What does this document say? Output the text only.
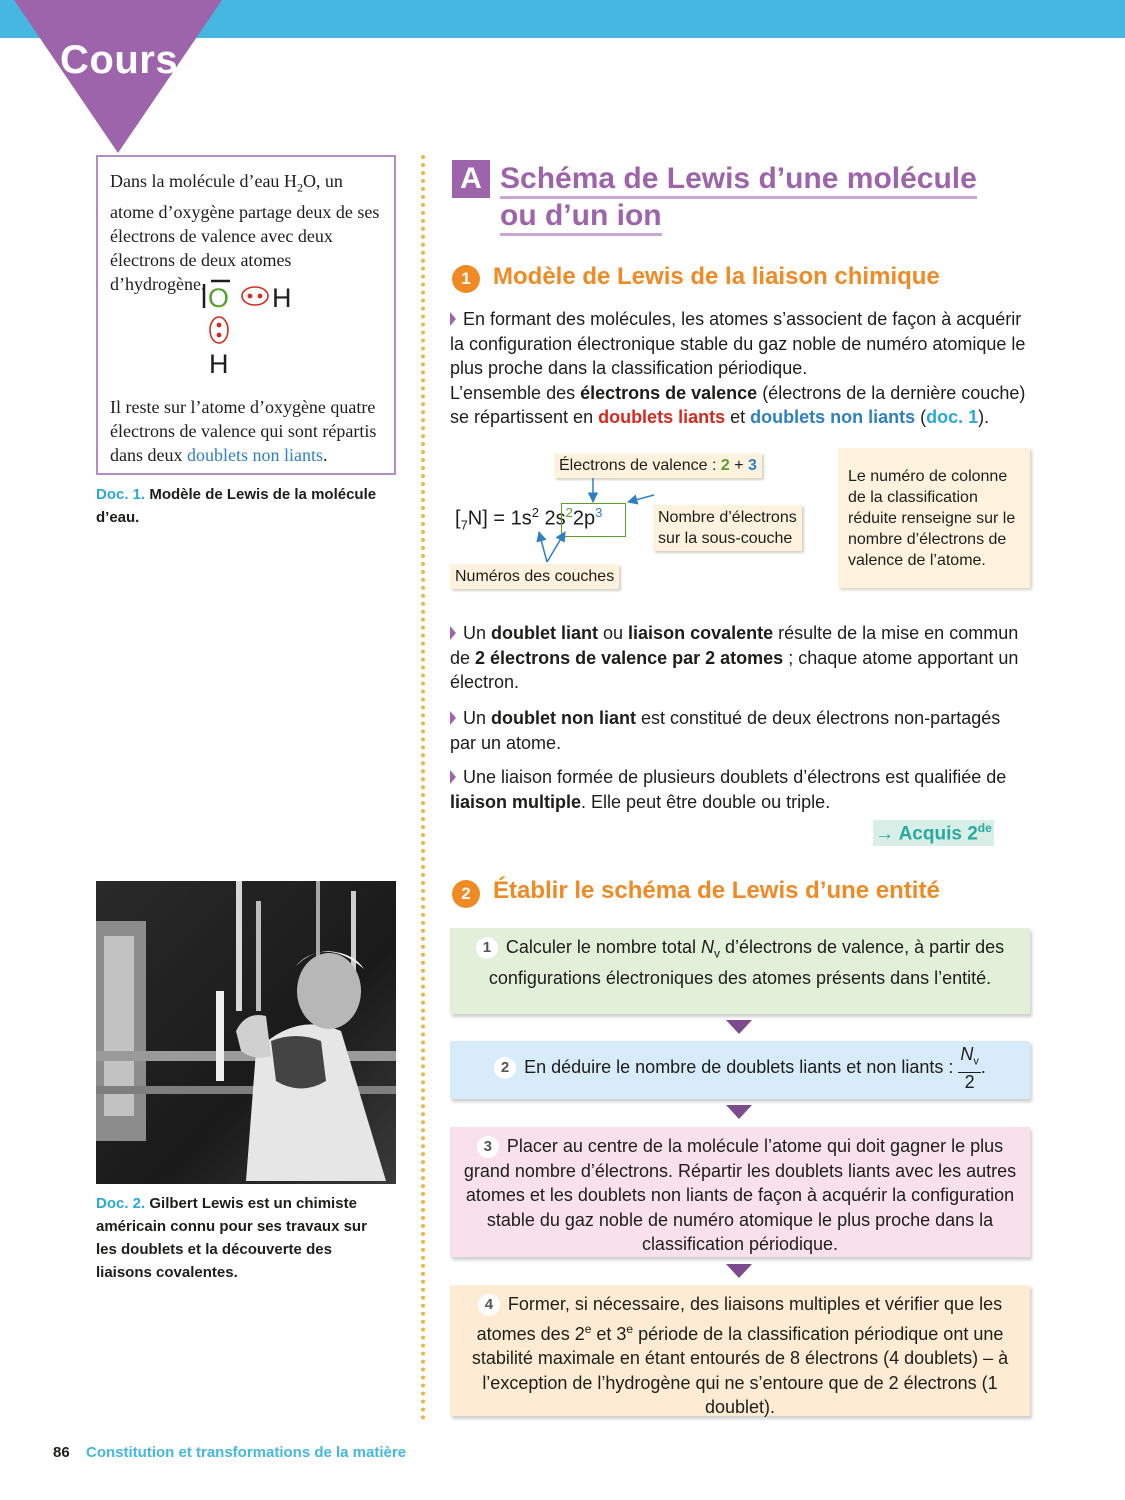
Cours

Dans la molécule d’eau $H_2O$, un atome d’oxygène partage deux de ses électrons de valence avec deux électrons de deux atomes d’hydrogène. O H
H

Il reste sur l’atome d’oxygène quatre électrons de valence qui sont répartis dans deux doublets non liants.

Doc. 1. Modèle de Lewis de la molécule d’eau.

Doc. 2. Gilbert Lewis est un chimiste américain connu pour ses travaux sur les doublets et la découverte des liaisons covalentes.

A Schéma de Lewis d’une molécule
ou d’un ion
1 Modèle de Lewis de la liaison chimique

En formant des molécules, les atomes s’associent de façon à acquérir la configuration électronique stable du gaz noble de numéro atomique le plus proche dans la classification périodique.
L’ensemble des électrons de valence (électrons de la dernière couche) se répartissent en doublets liants et doublets non liants (doc. 1).

Électrons de valence : 2 + 3
$[_7N] = 1s^2$ $2s^22p^3$	Nombre d’électrons
sur la sous-couche
Numéros des couches
Le numéro de colonne de la classification réduite renseigne sur le nombre d’électrons de valence de l’atome.

Un doublet liant ou liaison covalente résulte de la mise en commun de 2 électrons de valence par 2 atomes ; chaque atome apportant un électron.

Un doublet non liant est constitué de deux électrons non-partagés par un atome.

Une liaison formée de plusieurs doublets d’électrons est qualifiée de liaison multiple. Elle peut être double ou triple.

→ Acquis 2de
2 Établir le schéma de Lewis d’une entité
1 Calculer le nombre total $N_v$ d’électrons de valence, à partir des configurations électroniques des atomes présents dans l’entité.
2 En déduire le nombre de doublets liants et non liants : $\frac{N_v}{2}$ .
3 Placer au centre de la molécule l’atome qui doit gagner le plus grand nombre d’électrons. Répartir les doublets liants avec les autres atomes et les doublets non liants de façon à acquérir la configuration stable du gaz noble de numéro atomique le plus proche dans la classification périodique.
4 Former, si nécessaire, des liaisons multiples et vérifier que les atomes des 2e et 3e période de la classification périodique ont une stabilité maximale en étant entourés de 8 électrons (4 doublets) – à l’exception de l’hydrogène qui ne s’entoure que de 2 électrons (1 doublet).
86 Constitution et transformations de la matière
